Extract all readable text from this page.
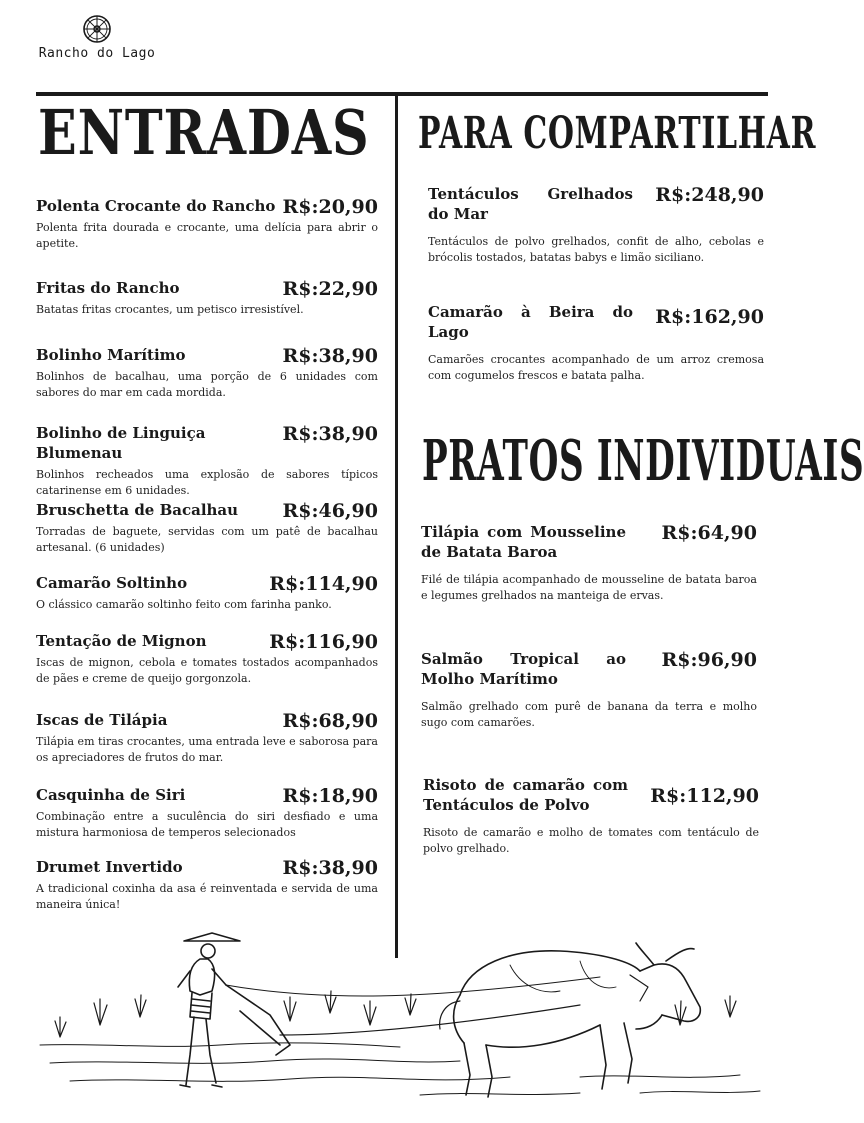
Rancho do Lago
ENTRADAS PARA COMPARTILHAR
PRATOS INDIVIDUAIS

Polenta Crocante do Rancho R$:20,90

Polenta frita dourada e crocante, uma delícia para abrir o apetite.

Fritas do Rancho	R$:22,90

Batatas fritas crocantes, um petisco irresistível.

Bolinho Marítimo	R$:38,90

Bolinhos de bacalhau, uma porção de 6 unidades com sabores do mar em cada mordida.

Bolinho de Linguiça Blumenau

R$:38,90

Bolinhos recheados uma explosão de sabores típicos catarinense em 6 unidades.

Bruschetta de Bacalhau	R$:46,90

Torradas de baguete, servidas com um patê de bacalhau artesanal. (6 unidades)

Camarão Soltinho	R$:114,90

O clássico camarão soltinho feito com farinha panko.

Tentação de Mignon	R$:116,90

Iscas de mignon, cebola e tomates tostados acompanhados de pães e creme de queijo gorgonzola.

Iscas de Tilápia	R$:68,90

Tilápia em tiras crocantes, uma entrada leve e saborosa para os apreciadores de frutos do mar.

Casquinha de Siri	R$:18,90

Combinação entre a suculência do siri desfiado e uma mistura harmoniosa de temperos selecionados

Drumet Invertido	R$:38,90

A tradicional coxinha da asa é reinventada e servida de uma maneira única!

Tentáculos Grelhados do Mar

R$:248,90

Tentáculos de polvo grelhados, confit de alho, cebolas e brócolis tostados, batatas babys e limão siciliano.

Camarão à Beira do Lago

R$:162,90

Camarões crocantes acompanhado de um arroz cremosa com cogumelos frescos e batata palha.

Tilápia com Mousseline de Batata Baroa

R$:64,90

Filé de tilápia acompanhado de mousseline de batata baroa e legumes grelhados na manteiga de ervas.

Salmão Tropical ao Molho Marítimo

R$:96,90

Salmão grelhado com purê de banana da terra e molho sugo com camarões.

Risoto de camarão com Tentáculos de Polvo	R$:112,90

Risoto de camarão e molho de tomates com tentáculo de polvo grelhado.
